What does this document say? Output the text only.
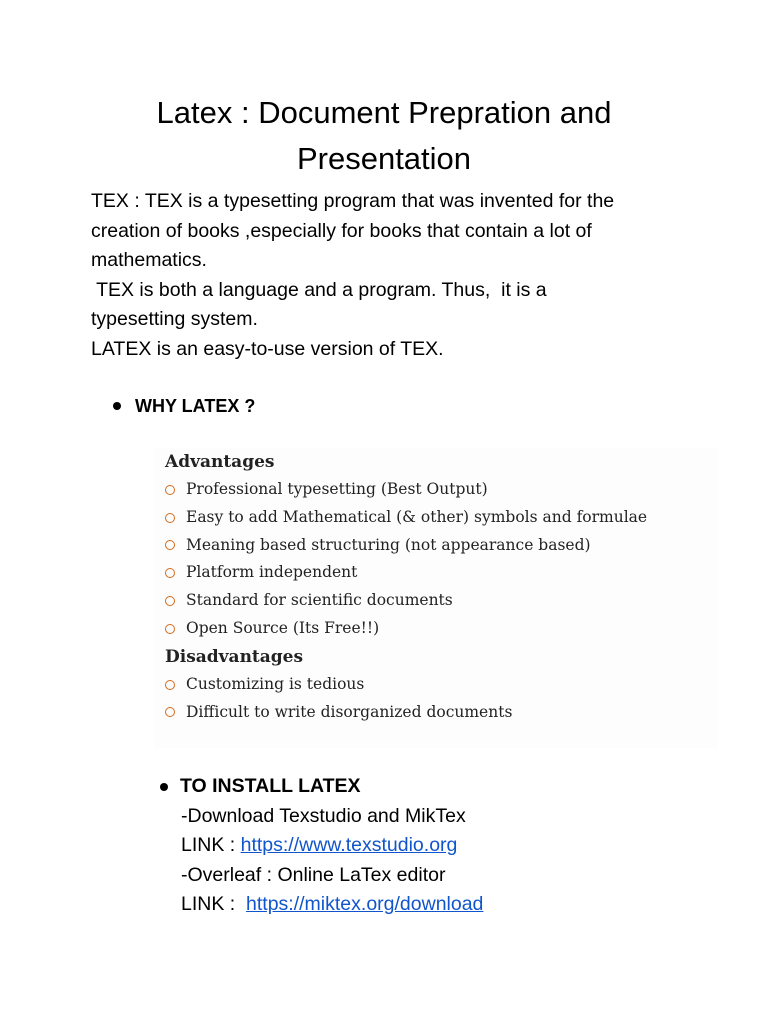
Latex : Document Prepration and
Presentation

TEX : TEX is a typesetting program that was invented for the

creation of books ,especially for books that contain a lot of

mathematics.

TEX is both a language and a program. Thus,  it is a

typesetting system.

LATEX is an easy-to-use version of TEX.

WHY LATEX ?
Advantages
Professional typesetting (Best Output)
Easy to add Mathematical (& other) symbols and formulae
Meaning based structuring (not appearance based)
Platform independent
Standard for scientific documents
Open Source (Its Free!!)
Disadvantages
Customizing is tedious
Difficult to write disorganized documents
TO INSTALL LATEX
-Download Texstudio and MikTex
LINK : https://www.texstudio.org
-Overleaf : Online LaTex editor
LINK :  https://miktex.org/download
